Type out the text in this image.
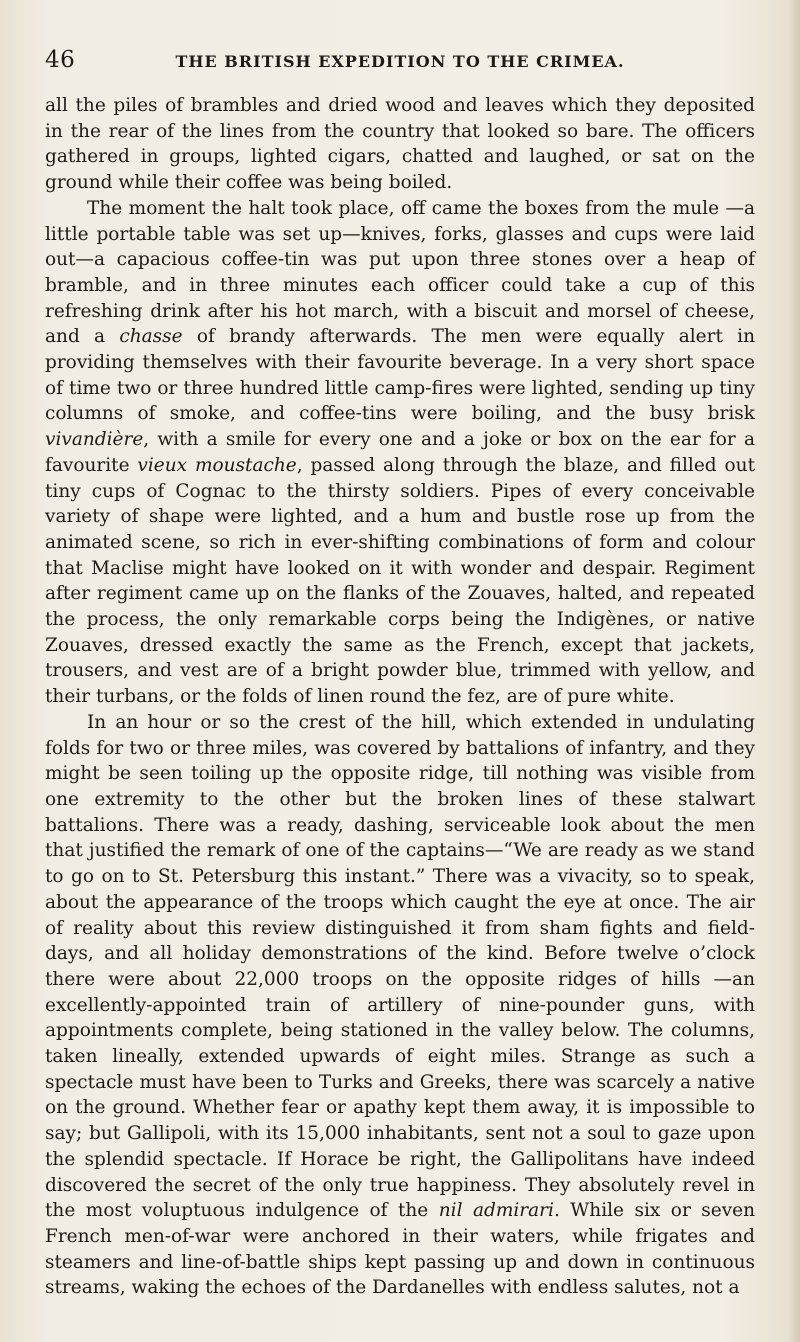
46	THE BRITISH EXPEDITION TO THE CRIMEA.

all the piles of brambles and dried wood and leaves which they deposited in the rear of the lines from the country that looked so bare. The officers gathered in groups, lighted cigars, chatted and laughed, or sat on the ground while their coffee was being boiled.

The moment the halt took place, off came the boxes from the mule —a little portable table was set up—knives, forks, glasses and cups were laid out—a capacious coffee-tin was put upon three stones over a heap of bramble, and in three minutes each officer could take a cup of this refreshing drink after his hot march, with a biscuit and morsel of cheese, and a chasse of brandy afterwards. The men were equally alert in providing themselves with their favourite beverage. In a very short space of time two or three hundred little camp-fires were lighted, sending up tiny columns of smoke, and coffee-tins were boiling, and the busy brisk vivandière, with a smile for every one and a joke or box on the ear for a favourite vieux moustache, passed along through the blaze, and filled out tiny cups of Cognac to the thirsty soldiers. Pipes of every conceivable variety of shape were lighted, and a hum and bustle rose up from the animated scene, so rich in ever-shifting combinations of form and colour that Maclise might have looked on it with wonder and despair. Regiment after regiment came up on the flanks of the Zouaves, halted, and repeated the process, the only remarkable corps being the Indigènes, or native Zouaves, dressed exactly the same as the French, except that jackets, trousers, and vest are of a bright powder blue, trimmed with yellow, and their turbans, or the folds of linen round the fez, are of pure white.

In an hour or so the crest of the hill, which extended in undulating folds for two or three miles, was covered by battalions of infantry, and they might be seen toiling up the opposite ridge, till nothing was visible from one extremity to the other but the broken lines of these stalwart battalions. There was a ready, dashing, serviceable look about the men that justified the remark of one of the captains—“We are ready as we stand to go on to St. Petersburg this instant.” There was a vivacity, so to speak, about the appearance of the troops which caught the eye at once. The air of reality about this review distinguished it from sham fights and field-days, and all holiday demonstrations of the kind. Before twelve o’clock there were about 22,000 troops on the opposite ridges of hills —an excellently-appointed train of artillery of nine-pounder guns, with appointments complete, being stationed in the valley below. The columns, taken lineally, extended upwards of eight miles. Strange as such a spectacle must have been to Turks and Greeks, there was scarcely a native on the ground. Whether fear or apathy kept them away, it is impossible to say; but Gallipoli, with its 15,000 inhabitants, sent not a soul to gaze upon the splendid spectacle. If Horace be right, the Gallipolitans have indeed discovered the secret of the only true happiness. They absolutely revel in the most voluptuous indulgence of the nil admirari. While six or seven French men-of-war were anchored in their waters, while frigates and steamers and line-of-battle ships kept passing up and down in continuous streams, waking the echoes of the Dardanelles with endless salutes, not a
